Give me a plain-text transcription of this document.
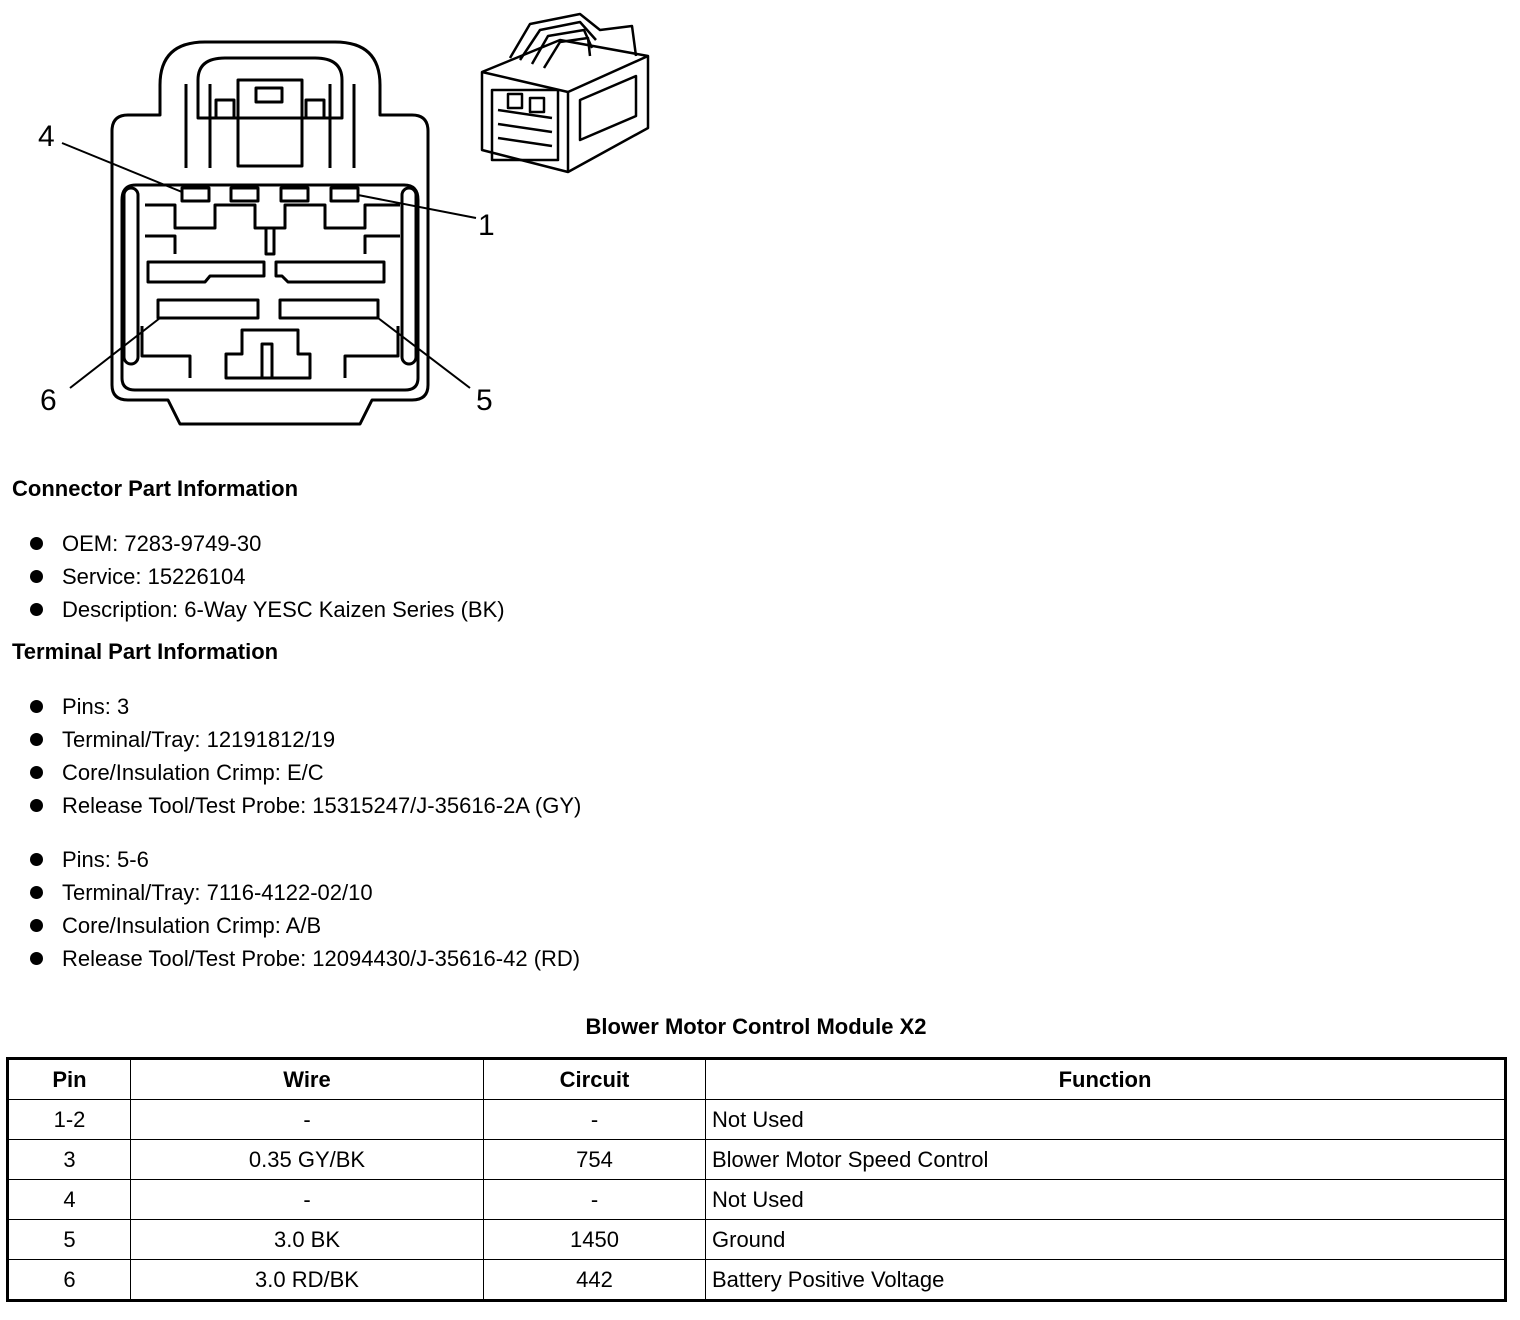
4
1
6	5
Connector Part Information
OEM: 7283-9749-30
Service: 15226104
Description: 6-Way YESC Kaizen Series (BK)
Terminal Part Information
Pins: 3
Terminal/Tray: 12191812/19
Core/Insulation Crimp: E/C
Release Tool/Test Probe: 15315247/J-35616-2A (GY)
Pins: 5-6
Terminal/Tray: 7116-4122-02/10
Core/Insulation Crimp: A/B
Release Tool/Test Probe: 12094430/J-35616-42 (RD)
Blower Motor Control Module X2
Pin	Wire	Circuit	Function
1-2	-	-	Not Used
3	0.35 GY/BK	754	Blower Motor Speed Control
4	-	-	Not Used
5	3.0 BK	1450	Ground
6	3.0 RD/BK	442	Battery Positive Voltage
